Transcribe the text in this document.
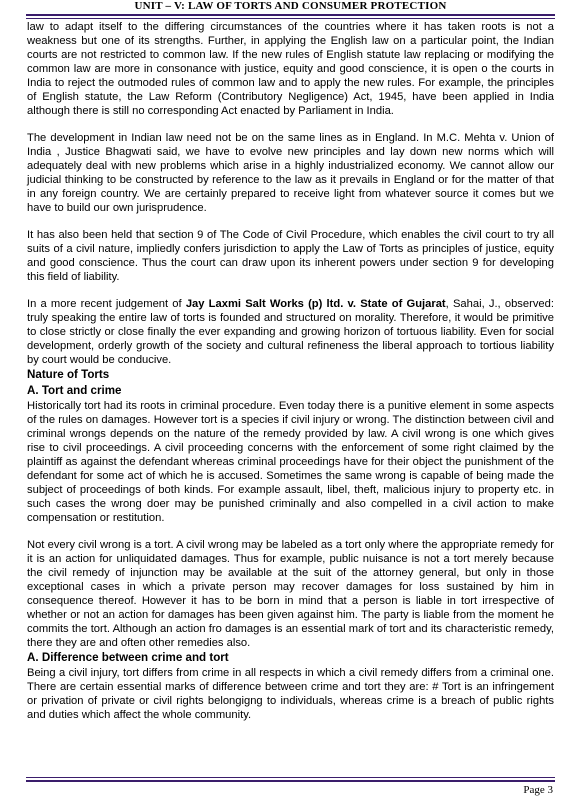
UNIT – V: LAW OF TORTS AND CONSUMER PROTECTION

law to adapt itself to the differing circumstances of the countries where it has taken roots is not a weakness but one of its strengths. Further, in applying the English law on a particular point, the Indian courts are not restricted to common law. If the new rules of English statute law replacing or modifying the common law are more in consonance with justice, equity and good conscience, it is open o the courts in India to reject the outmoded rules of common law and to apply the new rules. For example, the principles of English statute, the Law Reform (Contributory Negligence) Act, 1945, have been applied in India although there is still no corresponding Act enacted by Parliament in India.

The development in Indian law need not be on the same lines as in England. In M.C. Mehta v. Union of India , Justice Bhagwati said, we have to evolve new principles and lay down new norms which will adequately deal with new problems which arise in a highly industrialized economy. We cannot allow our judicial thinking to be constructed by reference to the law as it prevails in England or for the matter of that in any foreign country. We are certainly prepared to receive light from whatever source it comes but we have to build our own jurisprudence.

It has also been held that section 9 of The Code of Civil Procedure, which enables the civil court to try all suits of a civil nature, impliedly confers jurisdiction to apply the Law of Torts as principles of justice, equity and good conscience. Thus the court can draw upon its inherent powers under section 9 for developing this field of liability.

In a more recent judgement of Jay Laxmi Salt Works (p) ltd. v. State of Gujarat, Sahai, J., observed: truly speaking the entire law of torts is founded and structured on morality. Therefore, it would be primitive to close strictly or close finally the ever expanding and growing horizon of tortuous liability. Even for social development, orderly growth of the society and cultural refineness the liberal approach to tortious liability by court would be conducive.

Nature of Torts
A. Tort and crime

Historically tort had its roots in criminal procedure. Even today there is a punitive element in some aspects of the rules on damages. However tort is a species if civil injury or wrong. The distinction between civil and criminal wrongs depends on the nature of the remedy provided by law. A civil wrong is one which gives rise to civil proceedings. A civil proceeding concerns with the enforcement of some right claimed by the plaintiff as against the defendant whereas criminal proceedings have for their object the punishment of the defendant for some act of which he is accused. Sometimes the same wrong is capable of being made the subject of proceedings of both kinds. For example assault, libel, theft, malicious injury to property etc. in such cases the wrong doer may be punished criminally and also compelled in a civil action to make compensation or restitution.

Not every civil wrong is a tort. A civil wrong may be labeled as a tort only where the appropriate remedy for it is an action for unliquidated damages. Thus for example, public nuisance is not a tort merely because the civil remedy of injunction may be available at the suit of the attorney general, but only in those exceptional cases in which a private person may recover damages for loss sustained by him in consequence thereof. However it has to be born in mind that a person is liable in tort irrespective of whether or not an action for damages has been given against him. The party is liable from the moment he commits the tort. Although an action fro damages is an essential mark of tort and its characteristic remedy, there they are and often other remedies also.

A. Difference between crime and tort

Being a civil injury, tort differs from crime in all respects in which a civil remedy differs from a criminal one. There are certain essential marks of difference between crime and tort they are: # Tort is an infringement or privation of private or civil rights belongigng to individuals, whereas crime is a breach of public rights and duties which affect the whole community.

Page 3
